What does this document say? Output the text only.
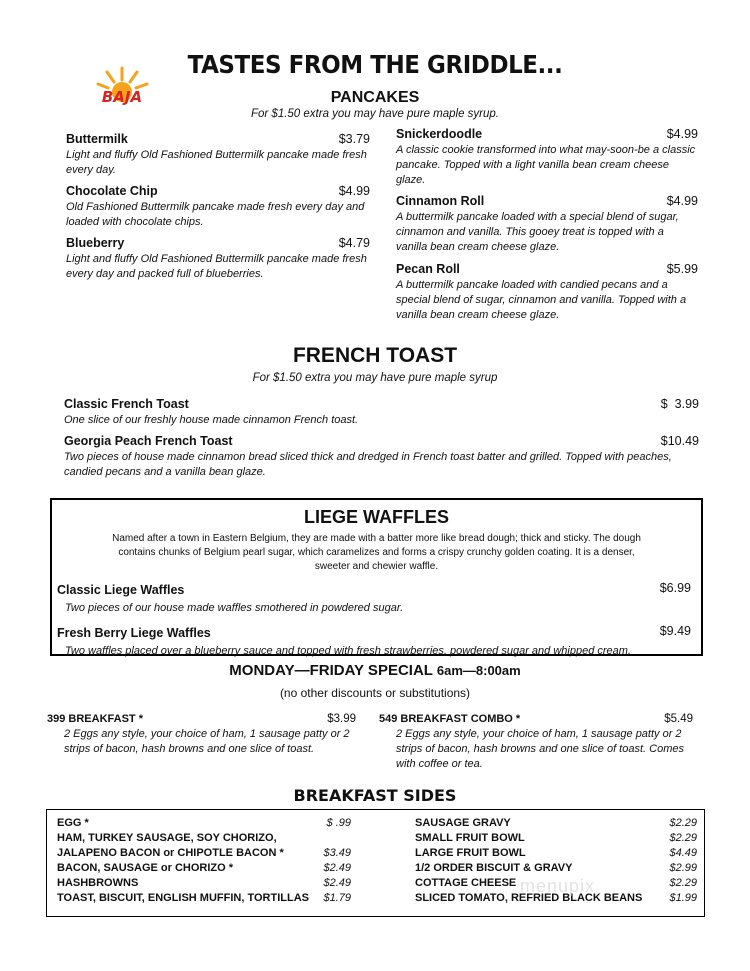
TASTES FROM THE GRIDDLE...
BAJA	PANCAKES
For $1.50 extra you may have pure maple syrup.
Buttermilk	$3.79
Light and fluffy Old Fashioned Buttermilk pancake made fresh every day.
Chocolate Chip	$4.99
Old Fashioned Buttermilk pancake made fresh every day and loaded with chocolate chips.
Blueberry	$4.79
Light and fluffy Old Fashioned Buttermilk pancake made fresh every day and packed full of blueberries.
Snickerdoodle	$4.99
A classic cookie transformed into what may-soon-be a classic pancake. Topped with a light vanilla bean cream cheese glaze.
Cinnamon Roll	$4.99
A buttermilk pancake loaded with a special blend of sugar, cinnamon and vanilla. This gooey treat is topped with a vanilla bean cream cheese glaze.
Pecan Roll	$5.99
A buttermilk pancake loaded with candied pecans and a special blend of sugar, cinnamon and vanilla. Topped with a vanilla bean cream cheese glaze.
FRENCH TOAST
For $1.50 extra you may have pure maple syrup
Classic French Toast	$  3.99
One slice of our freshly house made cinnamon French toast.
Georgia Peach French Toast	$10.49
Two pieces of house made cinnamon bread sliced thick and dredged in French toast batter and grilled. Topped with peaches, candied pecans and a vanilla bean glaze.
LIEGE WAFFLES
Named after a town in Eastern Belgium, they are made with a batter more like bread dough; thick and sticky. The dough contains chunks of Belgium pearl sugar, which caramelizes and forms a crispy crunchy golden coating. It is a denser, sweeter and chewier waffle.
Classic Liege Waffles	$6.99
Two pieces of our house made waffles smothered in powdered sugar.
Fresh Berry Liege Waffles	$9.49
Two waffles placed over a blueberry sauce and topped with fresh strawberries, powdered sugar and whipped cream.
MONDAY—FRIDAY SPECIAL 6am—8:00am
(no other discounts or substitutions)
399 BREAKFAST *	$3.99
2 Eggs any style, your choice of ham, 1 sausage patty or 2 strips of bacon, hash browns and one slice of toast.
549 BREAKFAST COMBO *	$5.49
2 Eggs any style, your choice of ham, 1 sausage patty or 2 strips of bacon, hash browns and one slice of toast. Comes with coffee or tea.
BREAKFAST SIDES
EGG *	$ .99
HAM, TURKEY SAUSAGE, SOY CHORIZO,
JALAPENO BACON or CHIPOTLE BACON *	$3.49
BACON, SAUSAGE or CHORIZO *	$2.49
HASHBROWNS	$2.49
TOAST, BISCUIT, ENGLISH MUFFIN, TORTILLAS $1.79
SAUSAGE GRAVY	$2.29
SMALL FRUIT BOWL	$2.29
LARGE FRUIT BOWL	$4.49
1/2 ORDER BISCUIT & GRAVY	$2.99
COTTAGE CHEESE	$2.29
SLICED TOMATO, REFRIED BLACK BEANS $1.99
menupix
